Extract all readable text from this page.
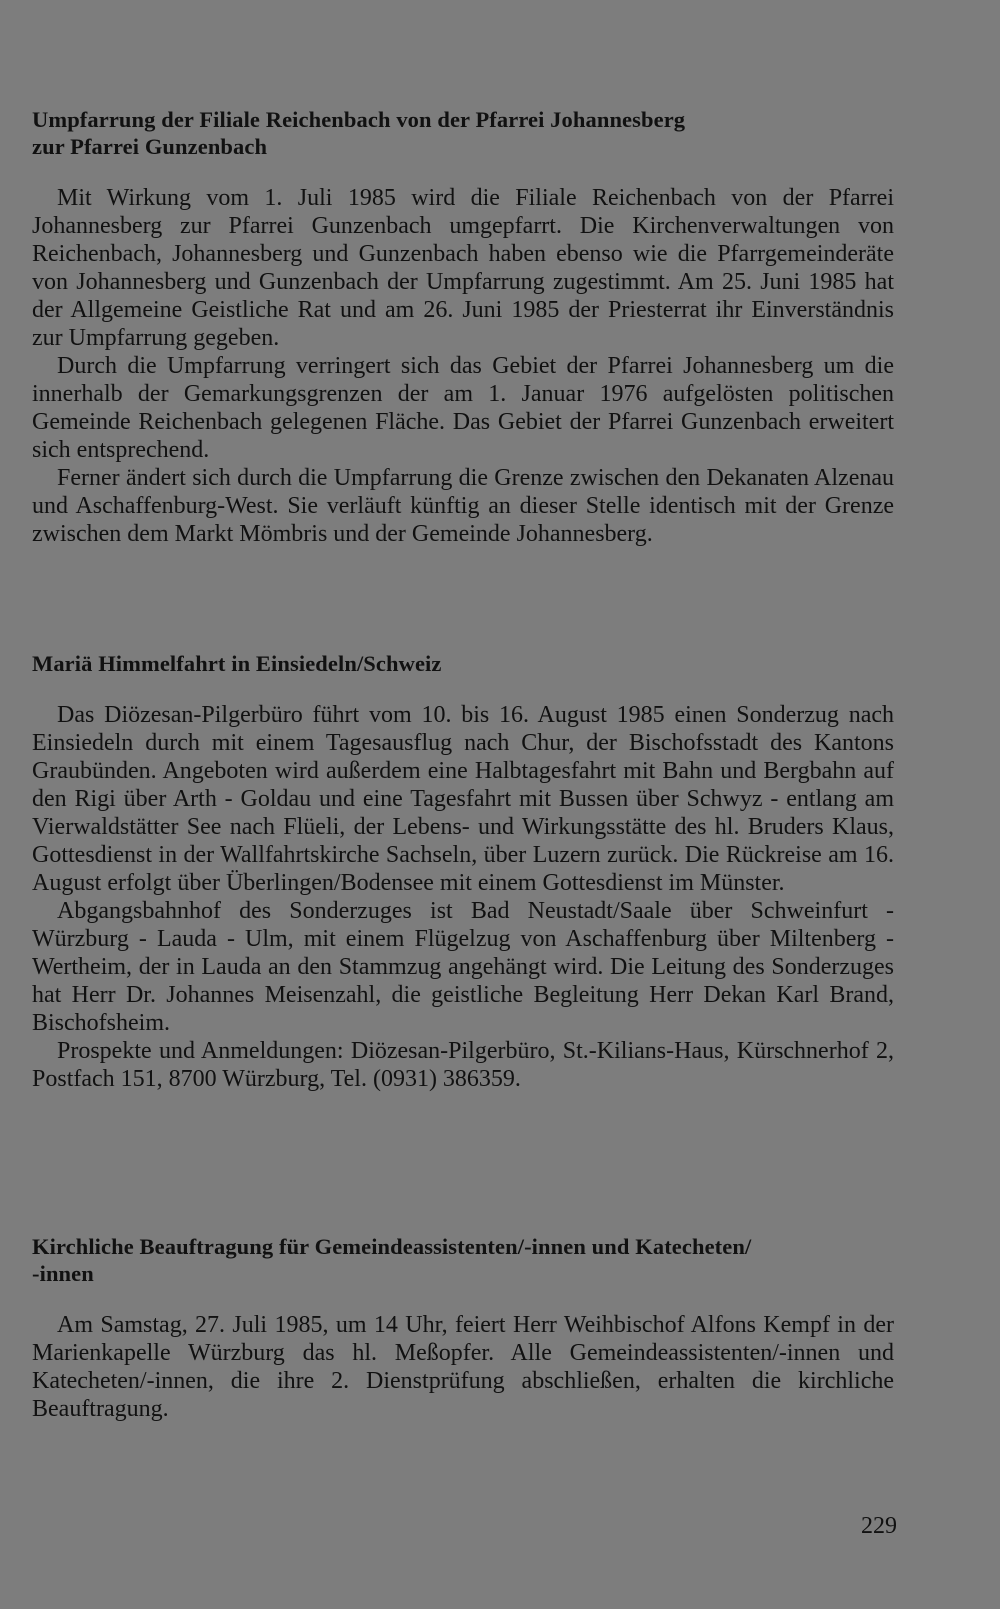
Umpfarrung der Filiale Reichenbach von der Pfarrei Johannesberg
zur Pfarrei Gunzenbach

Mit Wirkung vom 1. Juli 1985 wird die Filiale Reichenbach von der Pfarrei Johannesberg zur Pfarrei Gunzenbach umgepfarrt. Die Kirchenverwaltungen von Reichenbach, Johannesberg und Gunzenbach haben ebenso wie die Pfarrgemeinderäte von Johannesberg und Gunzenbach der Umpfarrung zugestimmt. Am 25. Juni 1985 hat der Allgemeine Geistliche Rat und am 26. Juni 1985 der Priesterrat ihr Einverständnis zur Umpfarrung gegeben.

Durch die Umpfarrung verringert sich das Gebiet der Pfarrei Johannesberg um die innerhalb der Gemarkungsgrenzen der am 1. Januar 1976 aufgelösten politischen Gemeinde Reichenbach gelegenen Fläche. Das Gebiet der Pfarrei Gunzenbach erweitert sich entsprechend.

Ferner ändert sich durch die Umpfarrung die Grenze zwischen den Dekanaten Alzenau und Aschaffenburg-West. Sie verläuft künftig an dieser Stelle identisch mit der Grenze zwischen dem Markt Mömbris und der Gemeinde Johannesberg.

Mariä Himmelfahrt in Einsiedeln/Schweiz

Das Diözesan-Pilgerbüro führt vom 10. bis 16. August 1985 einen Sonderzug nach Einsiedeln durch mit einem Tagesausflug nach Chur, der Bischofsstadt des Kantons Graubünden. Angeboten wird außerdem eine Halbtagesfahrt mit Bahn und Bergbahn auf den Rigi über Arth - Goldau und eine Tagesfahrt mit Bussen über Schwyz - entlang am Vierwaldstätter See nach Flüeli, der Lebens- und Wirkungsstätte des hl. Bruders Klaus, Gottesdienst in der Wallfahrtskirche Sachseln, über Luzern zurück. Die Rückreise am 16. August erfolgt über Überlingen/Bodensee mit einem Gottesdienst im Münster.

Abgangsbahnhof des Sonderzuges ist Bad Neustadt/Saale über Schweinfurt - Würzburg - Lauda - Ulm, mit einem Flügelzug von Aschaffenburg über Miltenberg - Wertheim, der in Lauda an den Stammzug angehängt wird. Die Leitung des Sonderzuges hat Herr Dr. Johannes Meisenzahl, die geistliche Begleitung Herr Dekan Karl Brand, Bischofsheim.

Prospekte und Anmeldungen: Diözesan-Pilgerbüro, St.-Kilians-Haus, Kürschnerhof 2, Postfach 151, 8700 Würzburg, Tel. (0931) 386359.

Kirchliche Beauftragung für Gemeindeassistenten/-innen und Katecheten/
-innen

Am Samstag, 27. Juli 1985, um 14 Uhr, feiert Herr Weihbischof Alfons Kempf in der Marienkapelle Würzburg das hl. Meßopfer. Alle Gemeindeassistenten/-innen und Katecheten/-innen, die ihre 2. Dienstprüfung abschließen, erhalten die kirchliche Beauftragung.

229
